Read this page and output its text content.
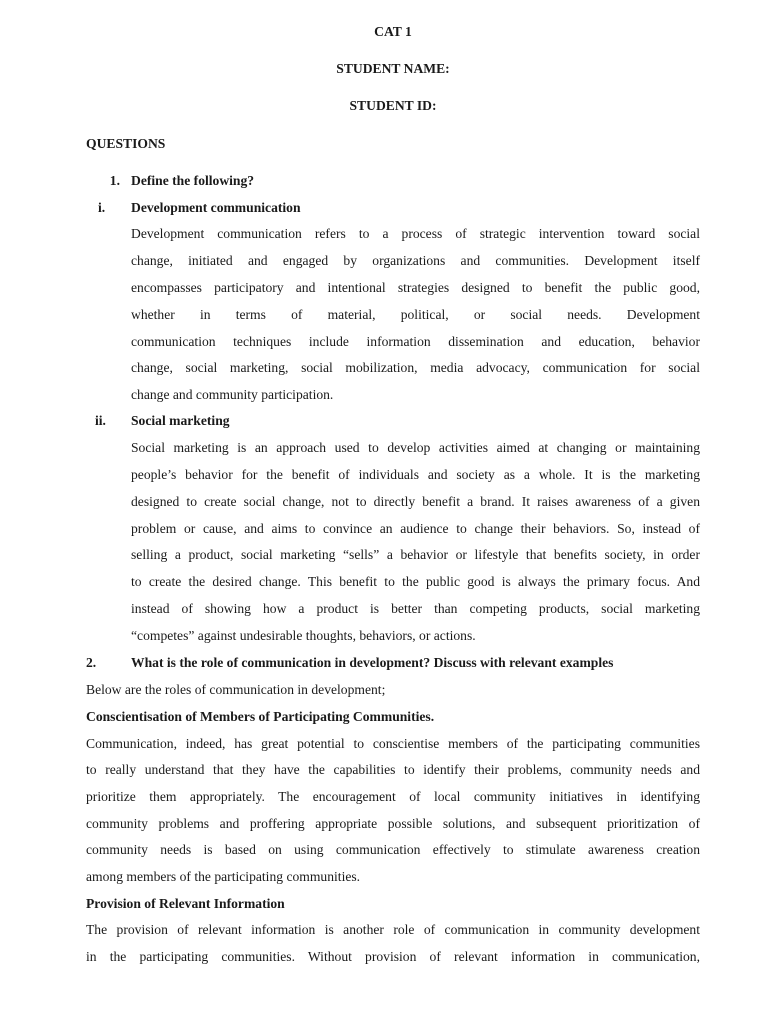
CAT 1
STUDENT NAME:
STUDENT ID:
QUESTIONS
1. Define the following?
i. Development communication
Development communication refers to a process of strategic intervention toward social
change, initiated and engaged by organizations and communities. Development itself
encompasses participatory and intentional strategies designed to benefit the public good,
whether in terms of material, political, or social needs. Development
communication techniques include information dissemination and education, behavior
change, social marketing, social mobilization, media advocacy, communication for social
change and community participation.
ii. Social marketing
Social marketing is an approach used to develop activities aimed at changing or maintaining
people’s behavior for the benefit of individuals and society as a whole. It is the marketing
designed to create social change, not to directly benefit a brand. It raises awareness of a given
problem or cause, and aims to convince an audience to change their behaviors. So, instead of
selling a product, social marketing “sells” a behavior or lifestyle that benefits society, in order
to create the desired change. This benefit to the public good is always the primary focus. And
instead of showing how a product is better than competing products, social marketing
“competes” against undesirable thoughts, behaviors, or actions.
2.	What is the role of communication in development? Discuss with relevant examples
Below are the roles of communication in development;
Conscientisation of Members of Participating Communities.
Communication, indeed, has great potential to conscientise members of the participating communities
to really understand that they have the capabilities to identify their problems, community needs and
prioritize them appropriately. The encouragement of local community initiatives in identifying
community problems and proffering appropriate possible solutions, and subsequent prioritization of
community needs is based on using communication effectively to stimulate awareness creation
among members of the participating communities.
Provision of Relevant Information
The provision of relevant information is another role of communication in community development
in the participating communities. Without provision of relevant information in communication,
